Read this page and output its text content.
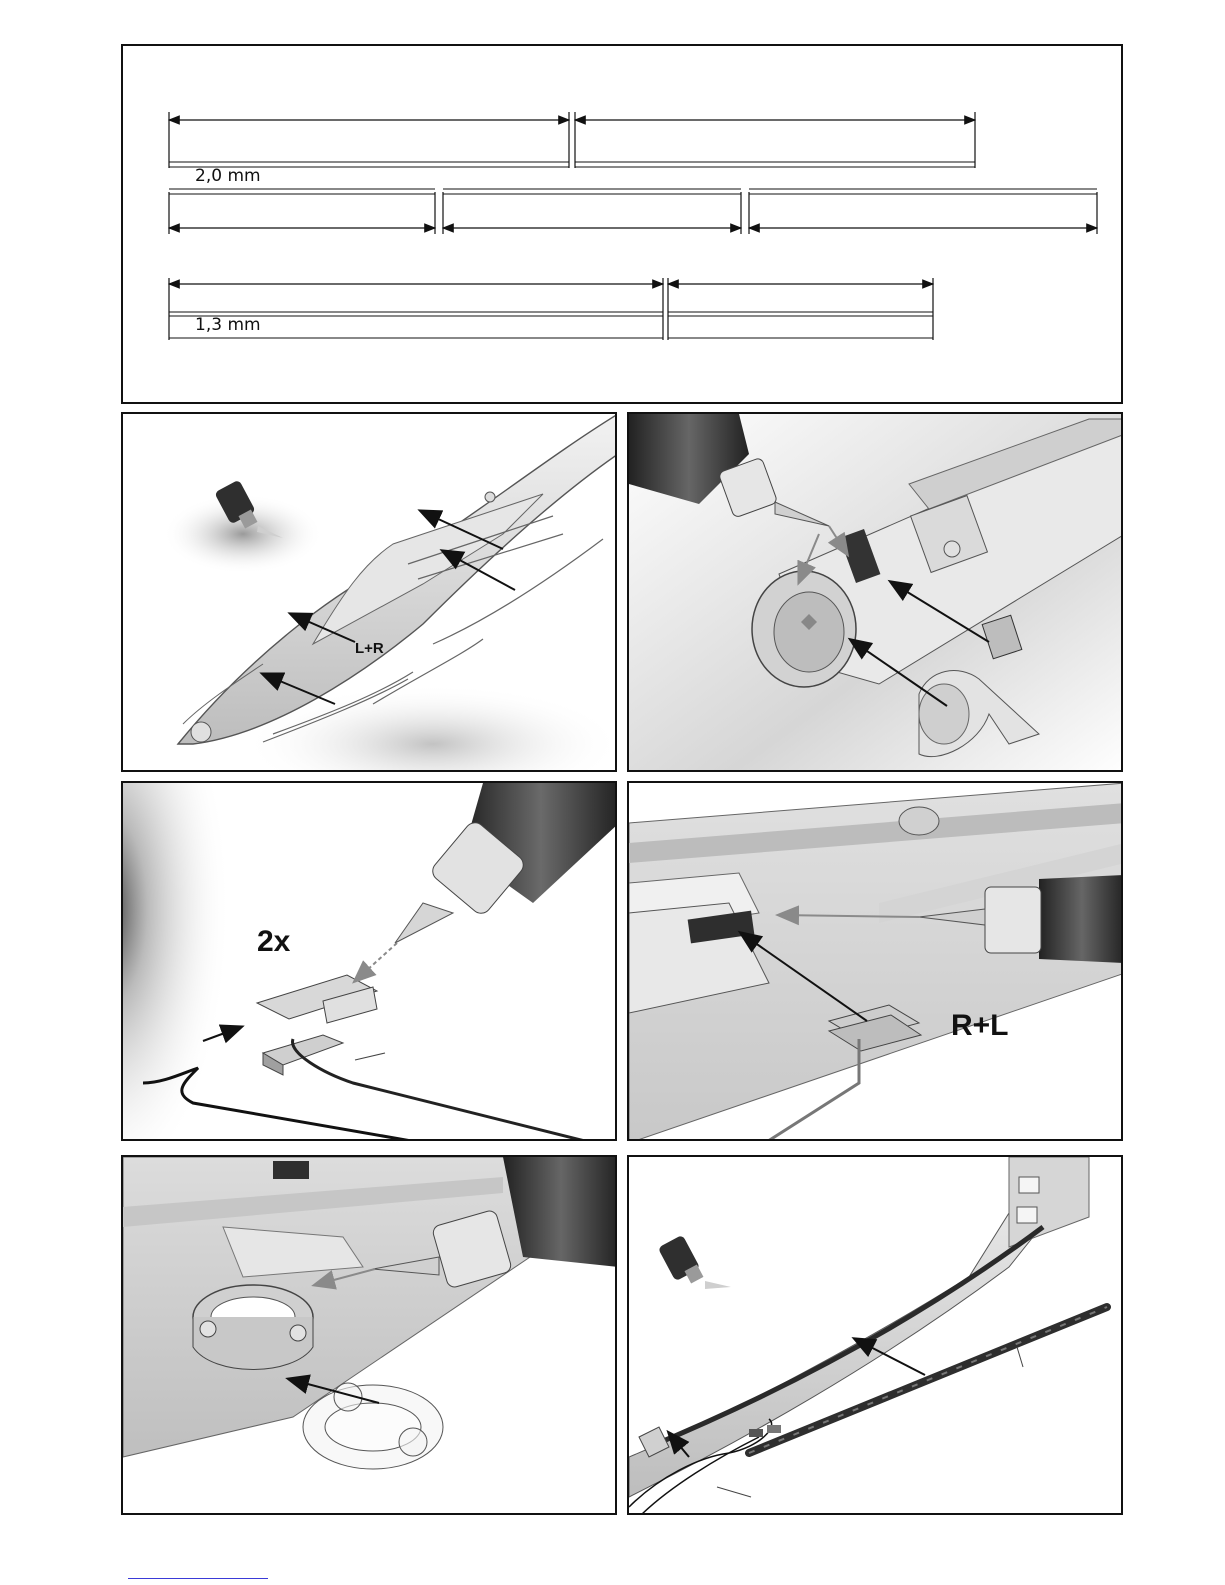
2,0 mm
1,3 mm
L+R
2x
R+L
